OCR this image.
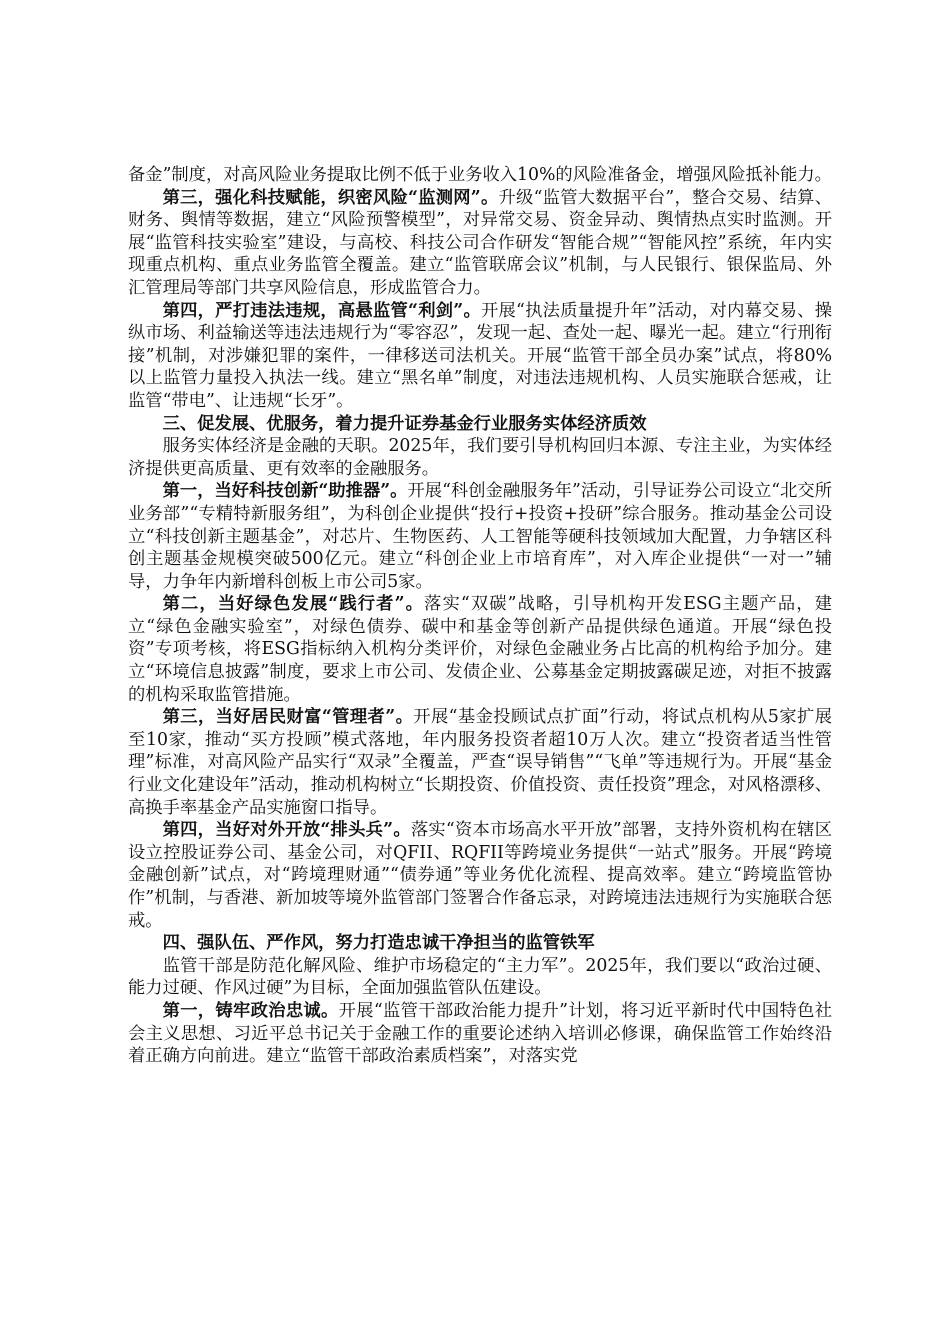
备金”制度，对高风险业务提取比例不低于业务收入10%的风险准备金，增强风险抵补能力。

第三，强化科技赋能，织密风险“监测网”。升级“监管大数据平台”，整合交易、结算、财务、舆情等数据，建立“风险预警模型”，对异常交易、资金异动、舆情热点实时监测。开展“监管科技实验室”建设，与高校、科技公司合作研发“智能合规”“智能风控”系统，年内实现重点机构、重点业务监管全覆盖。建立“监管联席会议”机制，与人民银行、银保监局、外汇管理局等部门共享风险信息，形成监管合力。

第四，严打违法违规，高悬监管“利剑”。开展“执法质量提升年”活动，对内幕交易、操纵市场、利益输送等违法违规行为“零容忍”，发现一起、查处一起、曝光一起。建立“行刑衔接”机制，对涉嫌犯罪的案件，一律移送司法机关。开展“监管干部全员办案”试点，将80%以上监管力量投入执法一线。建立“黑名单”制度，对违法违规机构、人员实施联合惩戒，让监管“带电”、让违规“长牙”。

三、促发展、优服务，着力提升证券基金行业服务实体经济质效

服务实体经济是金融的天职。2025年，我们要引导机构回归本源、专注主业，为实体经济提供更高质量、更有效率的金融服务。

第一，当好科技创新“助推器”。开展“科创金融服务年”活动，引导证券公司设立“北交所业务部”“专精特新服务组”，为科创企业提供“投行+投资+投研”综合服务。推动基金公司设立“科技创新主题基金”，对芯片、生物医药、人工智能等硬科技领域加大配置，力争辖区科创主题基金规模突破500亿元。建立“科创企业上市培育库”，对入库企业提供“一对一”辅导，力争年内新增科创板上市公司5家。

第二，当好绿色发展“践行者”。落实“双碳”战略，引导机构开发ESG主题产品，建立“绿色金融实验室”，对绿色债券、碳中和基金等创新产品提供绿色通道。开展“绿色投资”专项考核，将ESG指标纳入机构分类评价，对绿色金融业务占比高的机构给予加分。建立“环境信息披露”制度，要求上市公司、发债企业、公募基金定期披露碳足迹，对拒不披露的机构采取监管措施。

第三，当好居民财富“管理者”。开展“基金投顾试点扩面”行动，将试点机构从5家扩展至10家，推动“买方投顾”模式落地，年内服务投资者超10万人次。建立“投资者适当性管理”标准，对高风险产品实行“双录”全覆盖，严查“误导销售”“飞单”等违规行为。开展“基金行业文化建设年”活动，推动机构树立“长期投资、价值投资、责任投资”理念，对风格漂移、高换手率基金产品实施窗口指导。

第四，当好对外开放“排头兵”。落实“资本市场高水平开放”部署，支持外资机构在辖区设立控股证券公司、基金公司，对QFII、RQFII等跨境业务提供“一站式”服务。开展“跨境金融创新”试点，对“跨境理财通”“债券通”等业务优化流程、提高效率。建立“跨境监管协作”机制，与香港、新加坡等境外监管部门签署合作备忘录，对跨境违法违规行为实施联合惩戒。

四、强队伍、严作风，努力打造忠诚干净担当的监管铁军

监管干部是防范化解风险、维护市场稳定的“主力军”。2025年，我们要以“政治过硬、能力过硬、作风过硬”为目标，全面加强监管队伍建设。

第一，铸牢政治忠诚。开展“监管干部政治能力提升”计划，将习近平新时代中国特色社会主义思想、习近平总书记关于金融工作的重要论述纳入培训必修课，确保监管工作始终沿着正确方向前进。建立“监管干部政治素质档案”，对落实党
